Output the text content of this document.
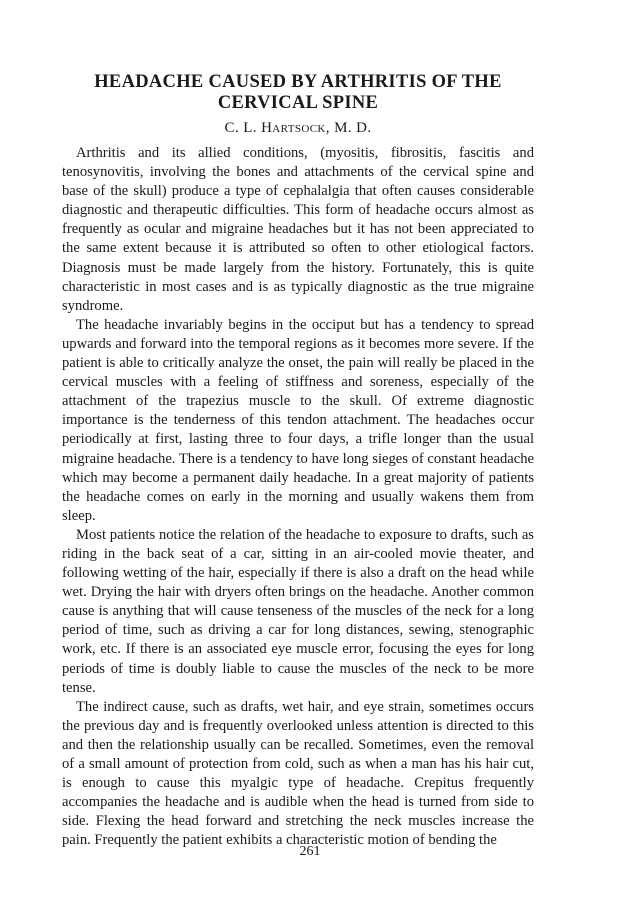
HEADACHE CAUSED BY ARTHRITIS OF THE CERVICAL SPINE
C. L. Hartsock, M. D.

Arthritis and its allied conditions, (myositis, fibrositis, fascitis and tenosynovitis, involving the bones and attachments of the cervical spine and base of the skull) produce a type of cephalalgia that often causes considerable diagnostic and therapeutic difficulties. This form of headache occurs almost as frequently as ocular and migraine headaches but it has not been appreciated to the same extent because it is attributed so often to other etiological factors. Diagnosis must be made largely from the history. Fortunately, this is quite characteristic in most cases and is as typically diagnostic as the true migraine syndrome.

The headache invariably begins in the occiput but has a tendency to spread upwards and forward into the temporal regions as it becomes more severe. If the patient is able to critically analyze the onset, the pain will really be placed in the cervical muscles with a feeling of stiffness and soreness, especially of the attachment of the trapezius muscle to the skull. Of extreme diagnostic importance is the tenderness of this tendon attachment. The headaches occur periodically at first, lasting three to four days, a trifle longer than the usual migraine headache. There is a tendency to have long sieges of constant headache which may become a permanent daily headache. In a great majority of patients the headache comes on early in the morning and usually wakens them from sleep.

Most patients notice the relation of the headache to exposure to drafts, such as riding in the back seat of a car, sitting in an air-cooled movie theater, and following wetting of the hair, especially if there is also a draft on the head while wet. Drying the hair with dryers often brings on the headache. Another common cause is anything that will cause tenseness of the muscles of the neck for a long period of time, such as driving a car for long distances, sewing, stenographic work, etc. If there is an associated eye muscle error, focusing the eyes for long periods of time is doubly liable to cause the muscles of the neck to be more tense.

The indirect cause, such as drafts, wet hair, and eye strain, sometimes occurs the previous day and is frequently overlooked unless attention is directed to this and then the relationship usually can be recalled. Sometimes, even the removal of a small amount of protection from cold, such as when a man has his hair cut, is enough to cause this myalgic type of headache. Crepitus frequently accompanies the headache and is audible when the head is turned from side to side. Flexing the head forward and stretching the neck muscles increase the pain. Frequently the patient exhibits a characteristic motion of bending the

261
